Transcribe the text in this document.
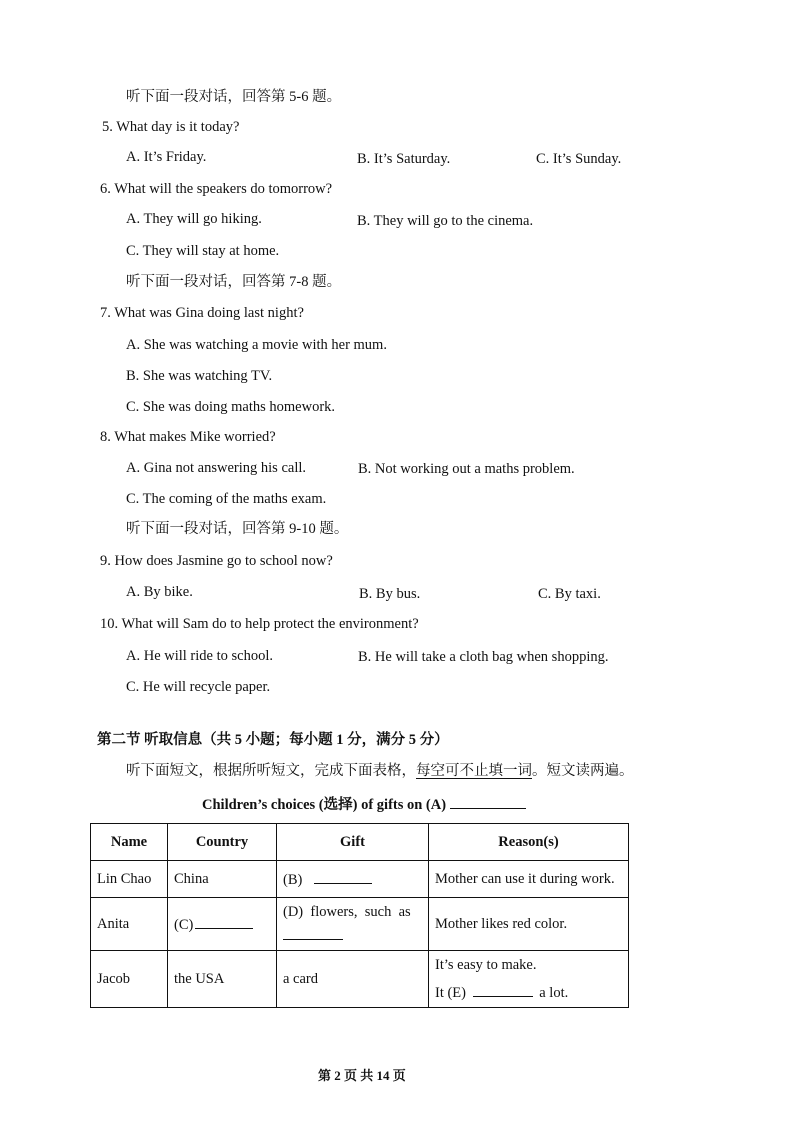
听下面一段对话，回答第 5-6 题。
5. What day is it today?
A. It’s Friday.	B. It’s Saturday.	C. It’s Sunday.
6. What will the speakers do tomorrow?
A. They will go hiking.	B. They will go to the cinema.
C. They will stay at home.
听下面一段对话，回答第 7-8 题。
7. What was Gina doing last night?
A. She was watching a movie with her mum.
B. She was watching TV.
C. She was doing maths homework.
8. What makes Mike worried?
A. Gina not answering his call.	B. Not working out a maths problem.
C. The coming of the maths exam.
听下面一段对话，回答第 9-10 题。
9. How does Jasmine go to school now?
A. By bike.	B. By bus.	C. By taxi.
10. What will Sam do to help protect the environment?
A. He will ride to school.	B. He will take a cloth bag when shopping.
C. He will recycle paper.
第二节 听取信息（共 5 小题；每小题 1 分，满分 5 分）
听下面短文，根据所听短文，完成下面表格，每空可不止填一词。短文读两遍。
Children’s choices (选择) of gifts on (A)
Name	Country	Gift	Reason(s)
Lin Chao	China	(B)	Mother can use it during work.
Anita	(C)	(D)  flowers,  such  as	Mother likes red color.
Jacob	the USA	a card	It’s easy to make.
It (E) a lot.
第 2 页 共 14 页
